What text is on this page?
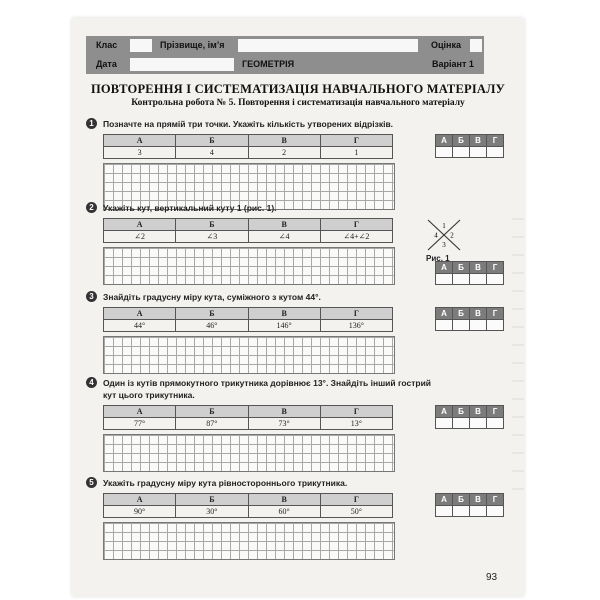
Клас	Прізвище, ім’я	Оцінка
Дата	ГЕОМЕТРІЯ	Варіант 1
ПОВТОРЕННЯ І СИСТЕМАТИЗАЦІЯ НАВЧАЛЬНОГО МАТЕРІАЛУ
Контрольна робота № 5. Повторення і систематизація навчального матеріалу
1	Позначте на прямій три точки. Укажіть кількість утворених відрізків.
А	Б	В	Г
3	4	2	1
А	Б	В	Г

2	Укажіть кут, вертикальний куту 1 (рис. 1).
А	Б	В	Г
∠2	∠3	∠4	∠4+∠2
А	Б	В	Г

1
4 2
3
Рис. 1
3	Знайдіть градусну міру кута, суміжного з кутом 44°.
А	Б	В	Г
44°	46°	146°	136°
А	Б	В	Г

4	Один із кутів прямокутного трикутника дорівнює 13°. Знайдіть інший гострий кут цього трикутника.
А	Б	В	Г
77°	87°	73°	13°
А	Б	В	Г

5	Укажіть градусну міру кута рівностороннього трикутника.
А	Б	В	Г
90°	30°	60°	50°
А	Б	В	Г

93
